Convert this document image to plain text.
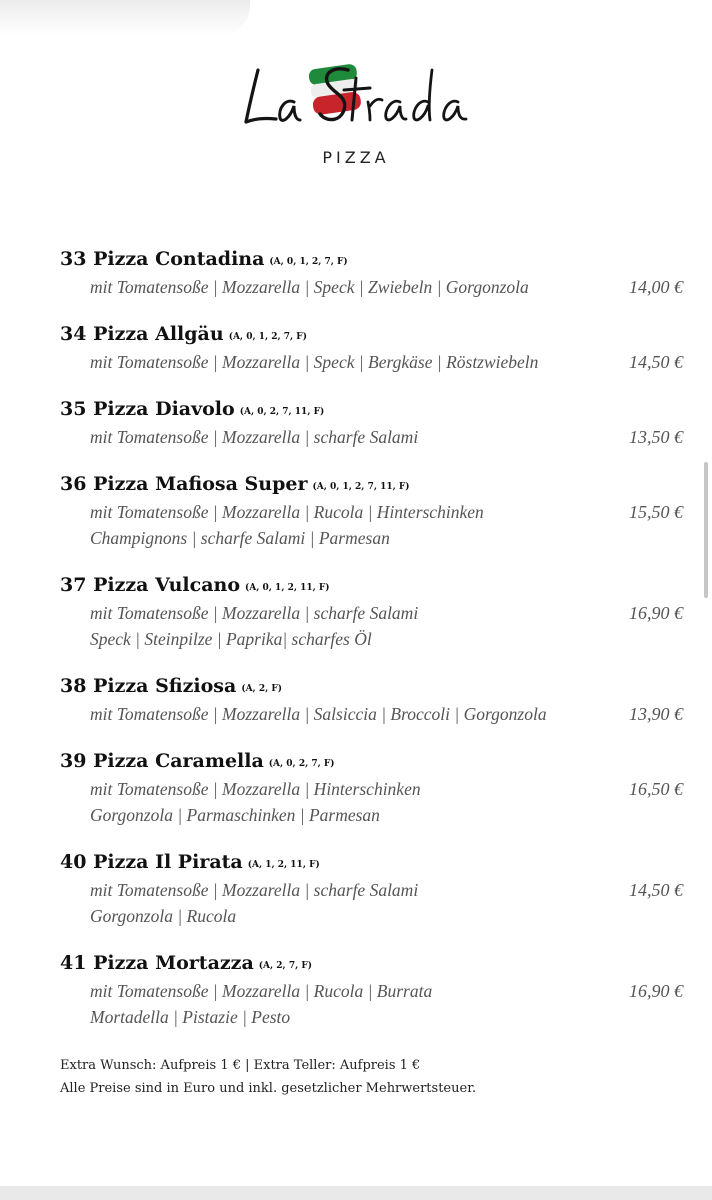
PIZZA
33 Pizza Contadina (A, 0, 1, 2, 7, F)
mit Tomatensoße | Mozzarella | Speck | Zwiebeln | Gorgonzola	14,00 €
34 Pizza Allgäu (A, 0, 1, 2, 7, F)
mit Tomatensoße | Mozzarella | Speck | Bergkäse | Röstzwiebeln	14,50 €
35 Pizza Diavolo (A, 0, 2, 7, 11, F)
mit Tomatensoße | Mozzarella | scharfe Salami	13,50 €
36 Pizza Mafiosa Super (A, 0, 1, 2, 7, 11, F)
mit Tomatensoße | Mozzarella | Rucola | Hinterschinken	15,50 €
Champignons | scharfe Salami | Parmesan
37 Pizza Vulcano (A, 0, 1, 2, 11, F)
mit Tomatensoße | Mozzarella | scharfe Salami	16,90 €
Speck | Steinpilze | Paprika| scharfes Öl
38 Pizza Sfiziosa (A, 2, F)
mit Tomatensoße | Mozzarella | Salsiccia | Broccoli | Gorgonzola	13,90 €
39 Pizza Caramella (A, 0, 2, 7, F)
mit Tomatensoße | Mozzarella | Hinterschinken	16,50 €
Gorgonzola | Parmaschinken | Parmesan
40 Pizza Il Pirata (A, 1, 2, 11, F)
mit Tomatensoße | Mozzarella | scharfe Salami	14,50 €
Gorgonzola | Rucola
41 Pizza Mortazza (A, 2, 7, F)
mit Tomatensoße | Mozzarella | Rucola | Burrata	16,90 €
Mortadella | Pistazie | Pesto
Extra Wunsch: Aufpreis 1 € | Extra Teller: Aufpreis 1 €
Alle Preise sind in Euro und inkl. gesetzlicher Mehrwertsteuer.
